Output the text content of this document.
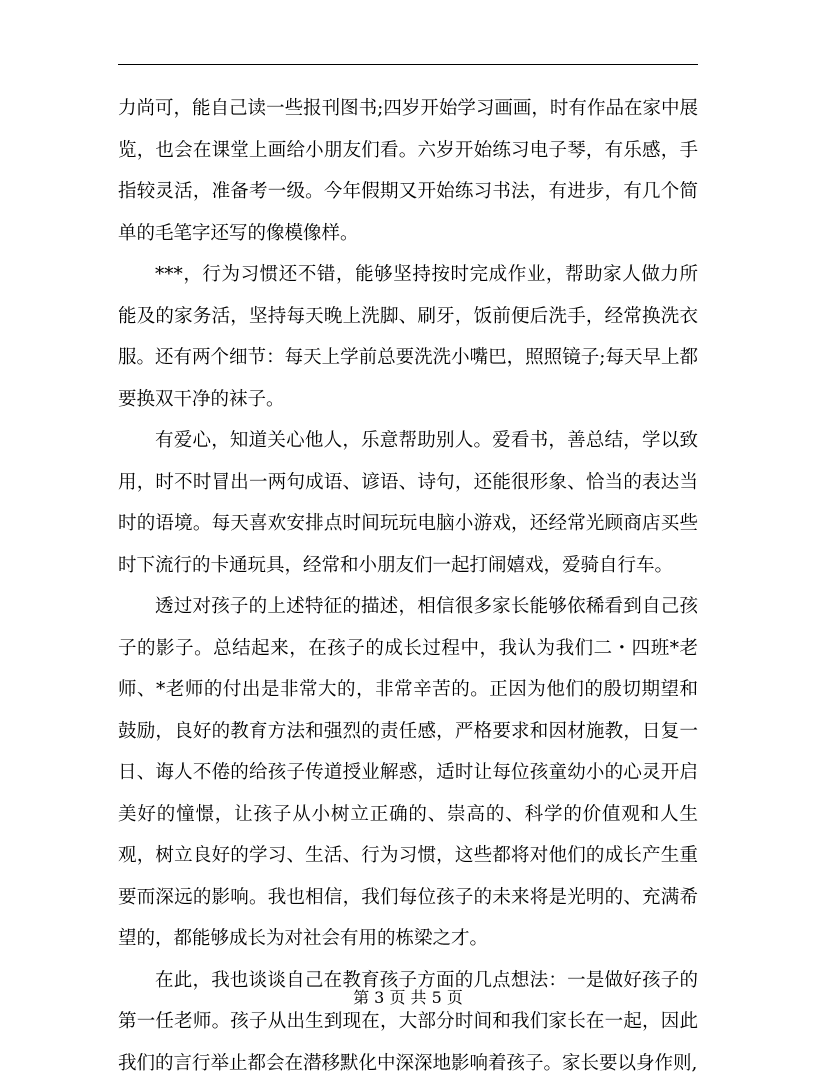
力尚可，能自己读一些报刊图书;四岁开始学习画画，时有作品在家中展览，也会在课堂上画给小朋友们看。六岁开始练习电子琴，有乐感，手指较灵活，准备考一级。今年假期又开始练习书法，有进步，有几个简单的毛笔字还写的像模像样。

***，行为习惯还不错，能够坚持按时完成作业，帮助家人做力所能及的家务活，坚持每天晚上洗脚、刷牙，饭前便后洗手，经常换洗衣服。还有两个细节：每天上学前总要洗洗小嘴巴，照照镜子;每天早上都要换双干净的袜子。

有爱心，知道关心他人，乐意帮助别人。爱看书，善总结，学以致用，时不时冒出一两句成语、谚语、诗句，还能很形象、恰当的表达当时的语境。每天喜欢安排点时间玩玩电脑小游戏，还经常光顾商店买些时下流行的卡通玩具，经常和小朋友们一起打闹嬉戏，爱骑自行车。

透过对孩子的上述特征的描述，相信很多家长能够依稀看到自己孩子的影子。总结起来，在孩子的成长过程中，我认为我们二・四班*老师、*老师的付出是非常大的，非常辛苦的。正因为他们的殷切期望和鼓励，良好的教育方法和强烈的责任感，严格要求和因材施教，日复一日、诲人不倦的给孩子传道授业解惑，适时让每位孩童幼小的心灵开启美好的憧憬，让孩子从小树立正确的、崇高的、科学的价值观和人生观，树立良好的学习、生活、行为习惯，这些都将对他们的成长产生重要而深远的影响。我也相信，我们每位孩子的未来将是光明的、充满希望的，都能够成长为对社会有用的栋梁之才。

在此，我也谈谈自己在教育孩子方面的几点想法：一是做好孩子的第一任老师。孩子从出生到现在，大部分时间和我们家长在一起，因此我们的言行举止都会在潜移默化中深深地影响着孩子。家长要以身作则,

第 3 页 共 5 页
